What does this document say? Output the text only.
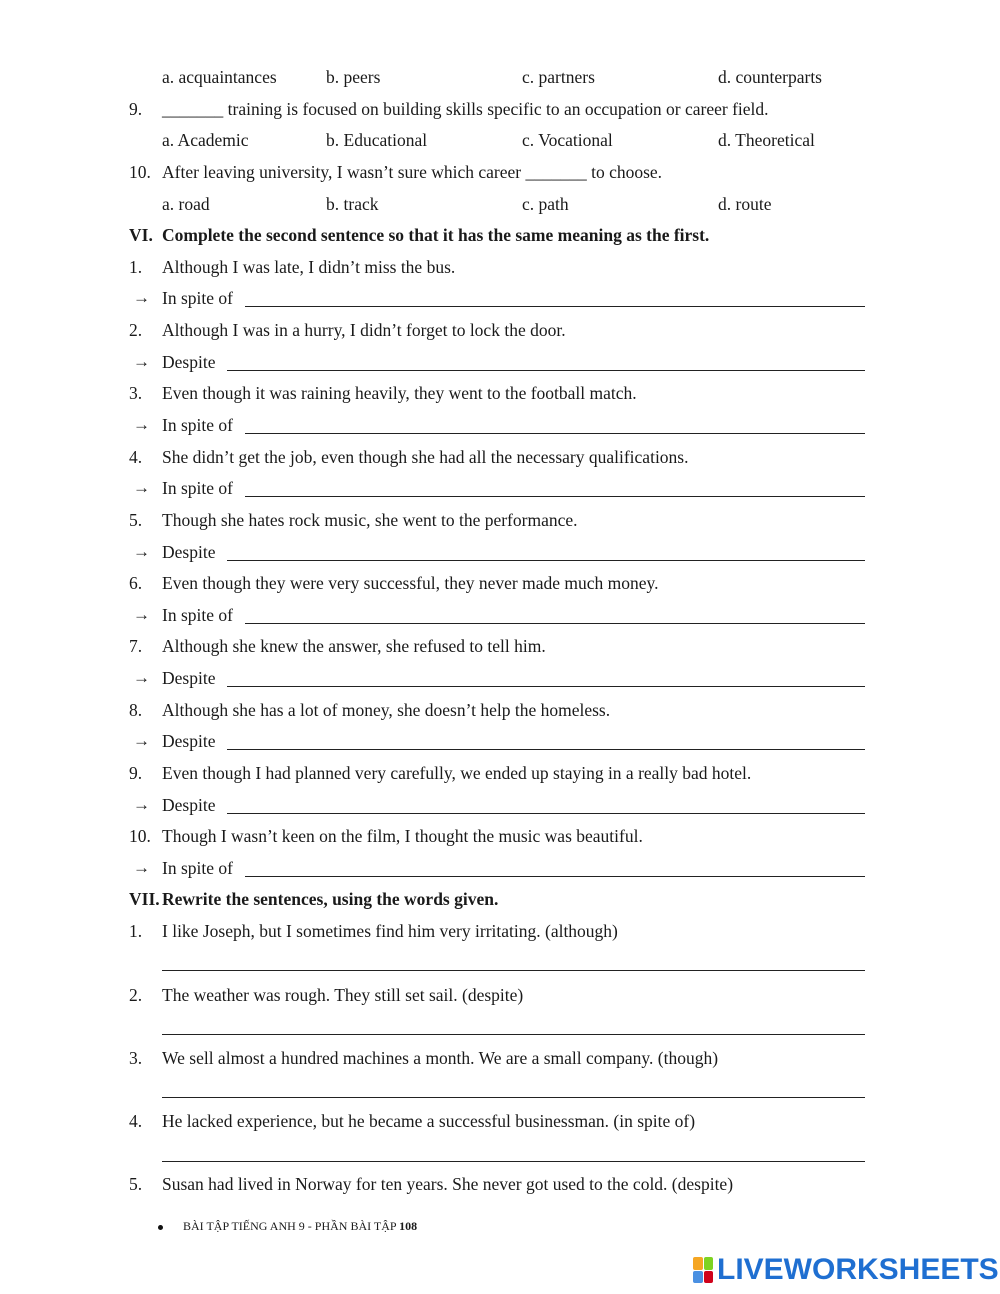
a. acquaintances	b. peers	c. partners	d. counterparts
9. _______ training is focused on building skills specific to an occupation or career field.
a. Academic	b. Educational	c. Vocational	d. Theoretical
10. After leaving university, I wasn’t sure which career _______ to choose.
a. road	b. track	c. path	d. route
VI. Complete the second sentence so that it has the same meaning as the first.
1. Although I was late, I didn’t miss the bus.
→ In spite of
2. Although I was in a hurry, I didn’t forget to lock the door.
→ Despite
3. Even though it was raining heavily, they went to the football match.
→ In spite of
4. She didn’t get the job, even though she had all the necessary qualifications.
→ In spite of
5. Though she hates rock music, she went to the performance.
→ Despite
6. Even though they were very successful, they never made much money.
→ In spite of
7. Although she knew the answer, she refused to tell him.
→ Despite
8. Although she has a lot of money, she doesn’t help the homeless.
→ Despite
9. Even though I had planned very carefully, we ended up staying in a really bad hotel.
→ Despite
10. Though I wasn’t keen on the film, I thought the music was beautiful.
→ In spite of
VII. Rewrite the sentences, using the words given.
1. I like Joseph, but I sometimes find him very irritating. (although)
2. The weather was rough. They still set sail. (despite)
3. We sell almost a hundred machines a month. We are a small company. (though)
4. He lacked experience, but he became a successful businessman. (in spite of)
5. Susan had lived in Norway for ten years. She never got used to the cold. (despite)
BÀI TẬP TIẾNG ANH 9 - PHẦN BÀI TẬP 108
LIVEWORKSHEETS
